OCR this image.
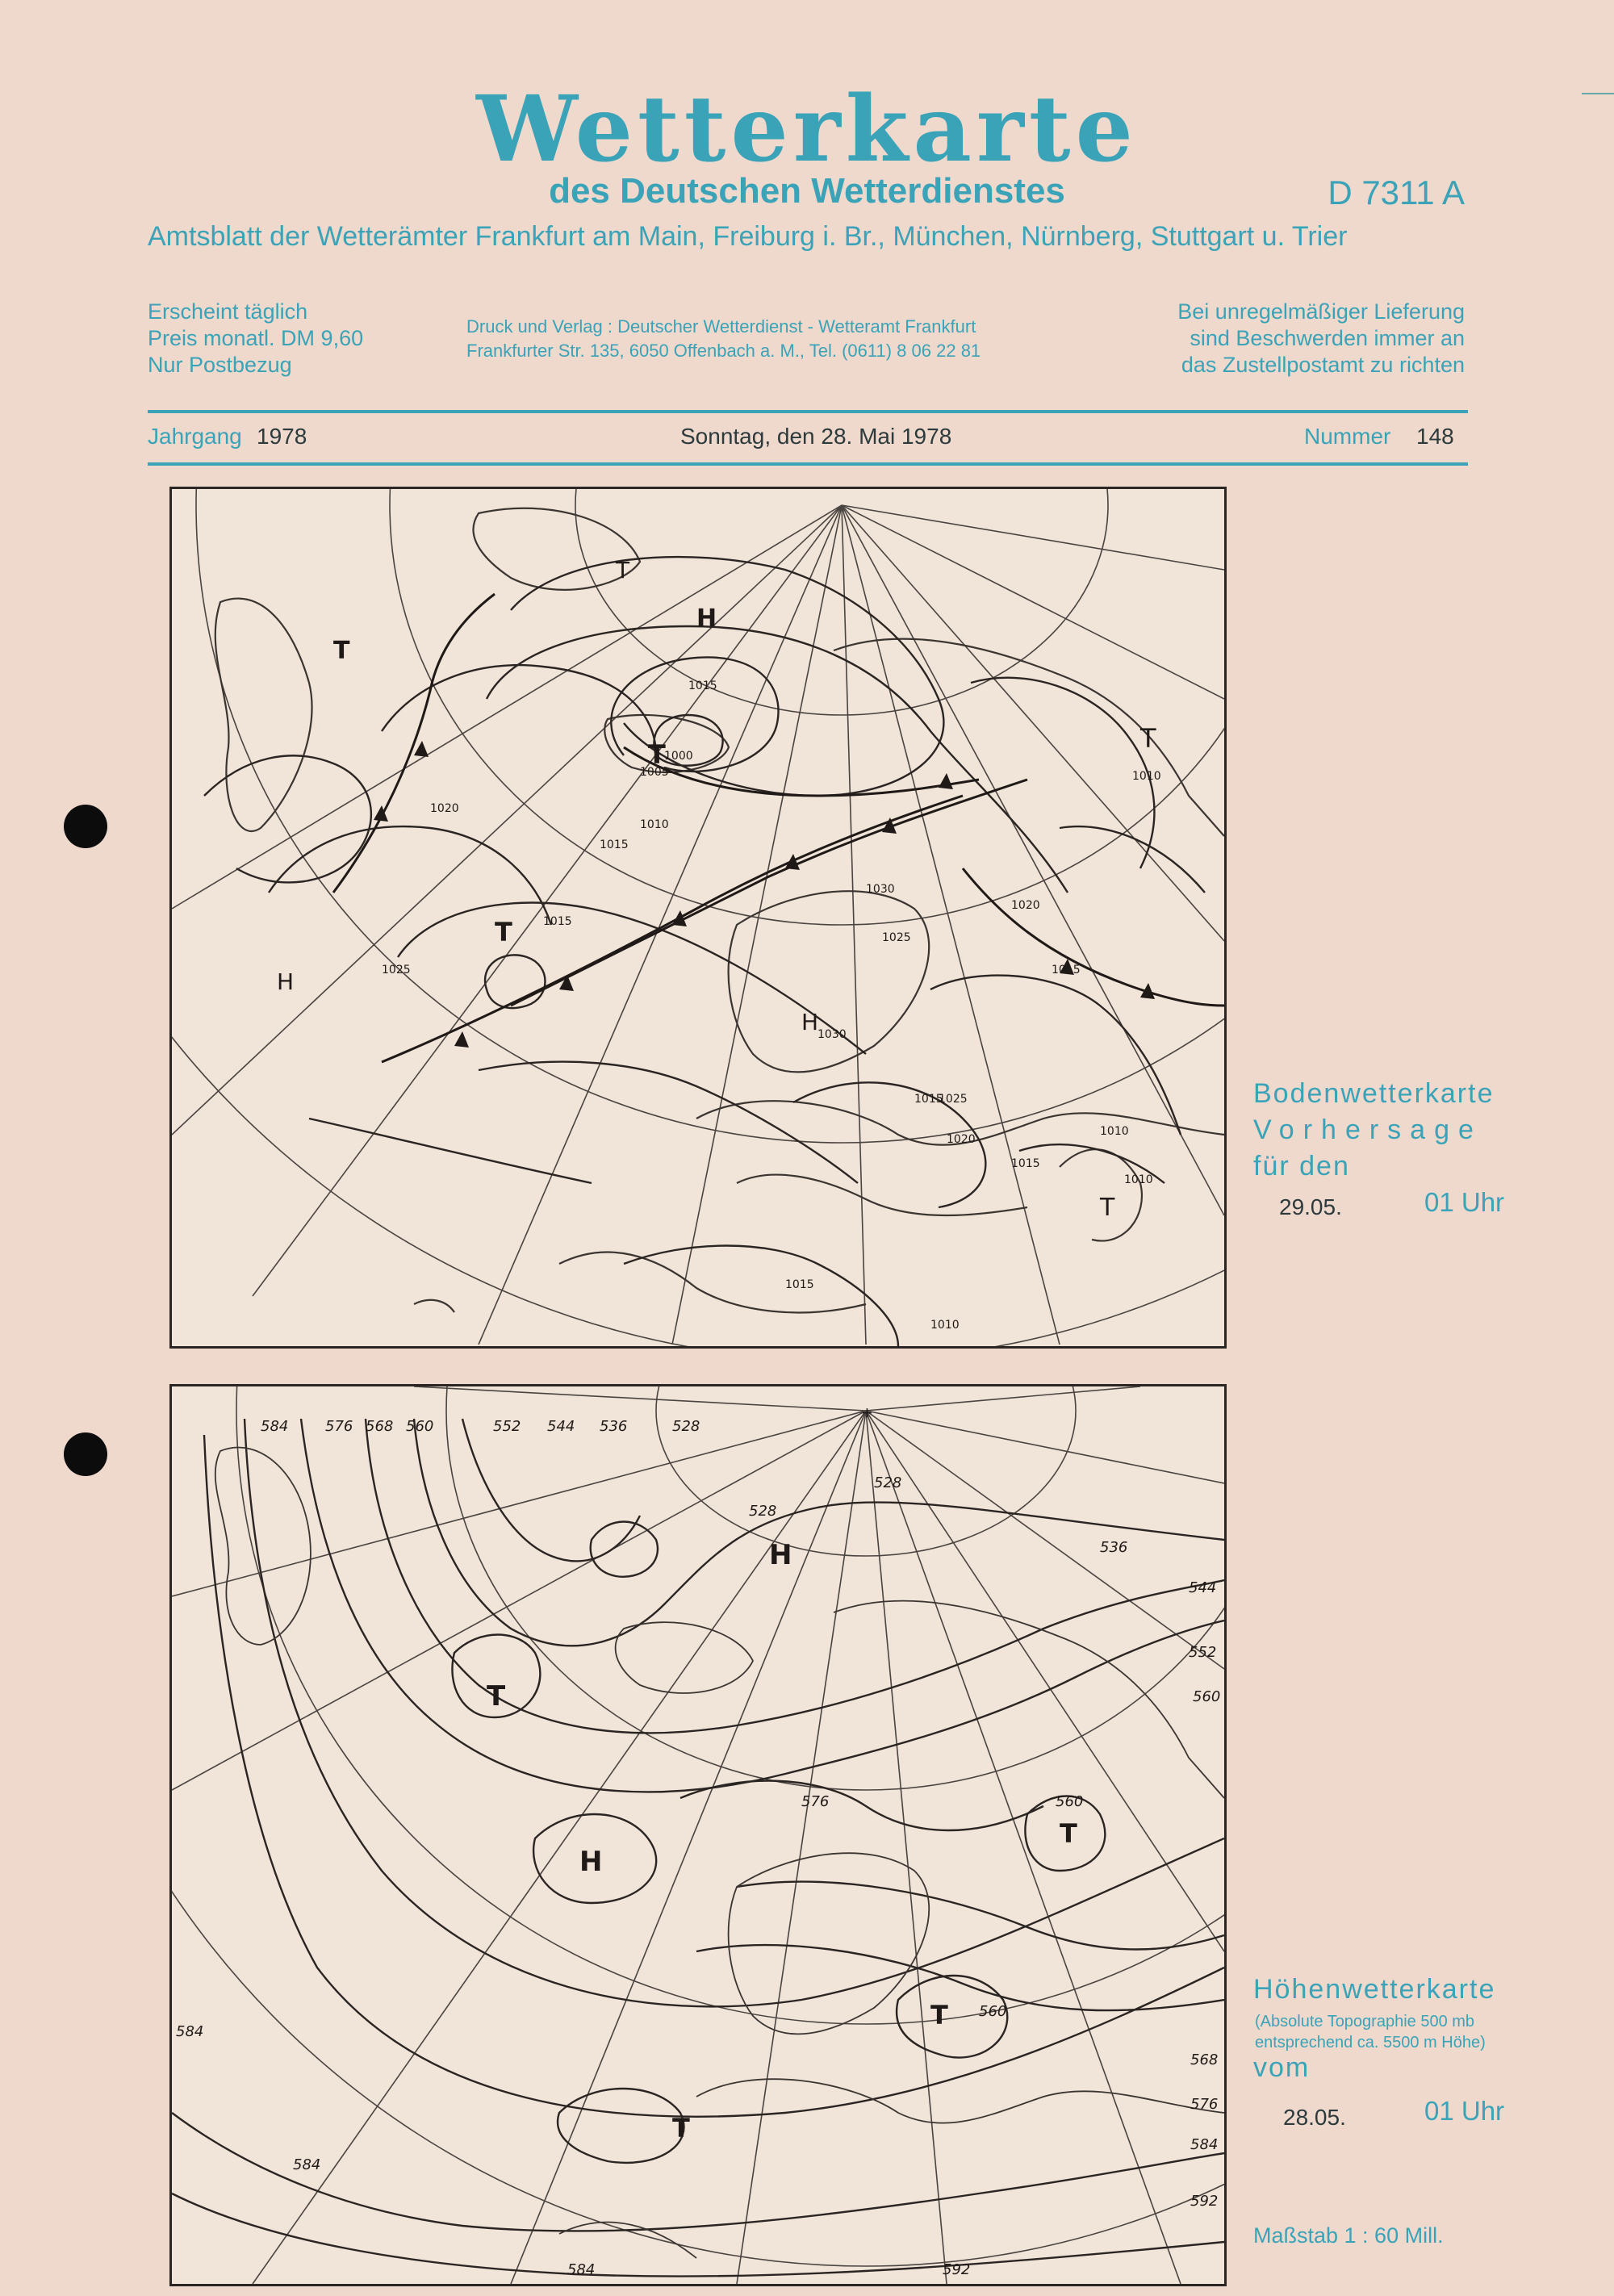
Wetterkarte
des Deutschen Wetterdienstes	D 7311 A
Amtsblatt der Wetterämter Frankfurt am Main, Freiburg i. Br., München, Nürnberg, Stuttgart u. Trier
Erscheint täglich
Preis monatl. DM 9,60
Nur Postbezug
Druck und Verlag : Deutscher Wetterdienst - Wetteramt Frankfurt
Frankfurter Str. 135, 6050 Offenbach a. M., Tel. (0611) 8 06 22 81
Bei unregelmäßiger Lieferung
sind Beschwerden immer an
das Zustellpostamt zu richten
Jahrgang 1978	Sonntag, den 28. Mai 1978	Nummer 148
T
H
T
T
T
H
H
T
T
1015
1005
1000
1010
1015
1020
1025
1015
1030
1030
1025
1020
1015
1010
1015
1010
1025
1020
1015
1010
1010
1015
Bodenwetterkarte
Vorhersage
für den
29.05.	01 Uhr
H
T
H
T
T
T
584	576 568 560	552 544 536	528
528
528
536
544
552
560
576	560
560
568
576
584
592
584
584
584	592
+
Höhenwetterkarte
(Absolute Topographie 500 mb
entsprechend ca. 5500 m Höhe)
vom
28.05.	01 Uhr
Maßstab 1 : 60 Mill.
